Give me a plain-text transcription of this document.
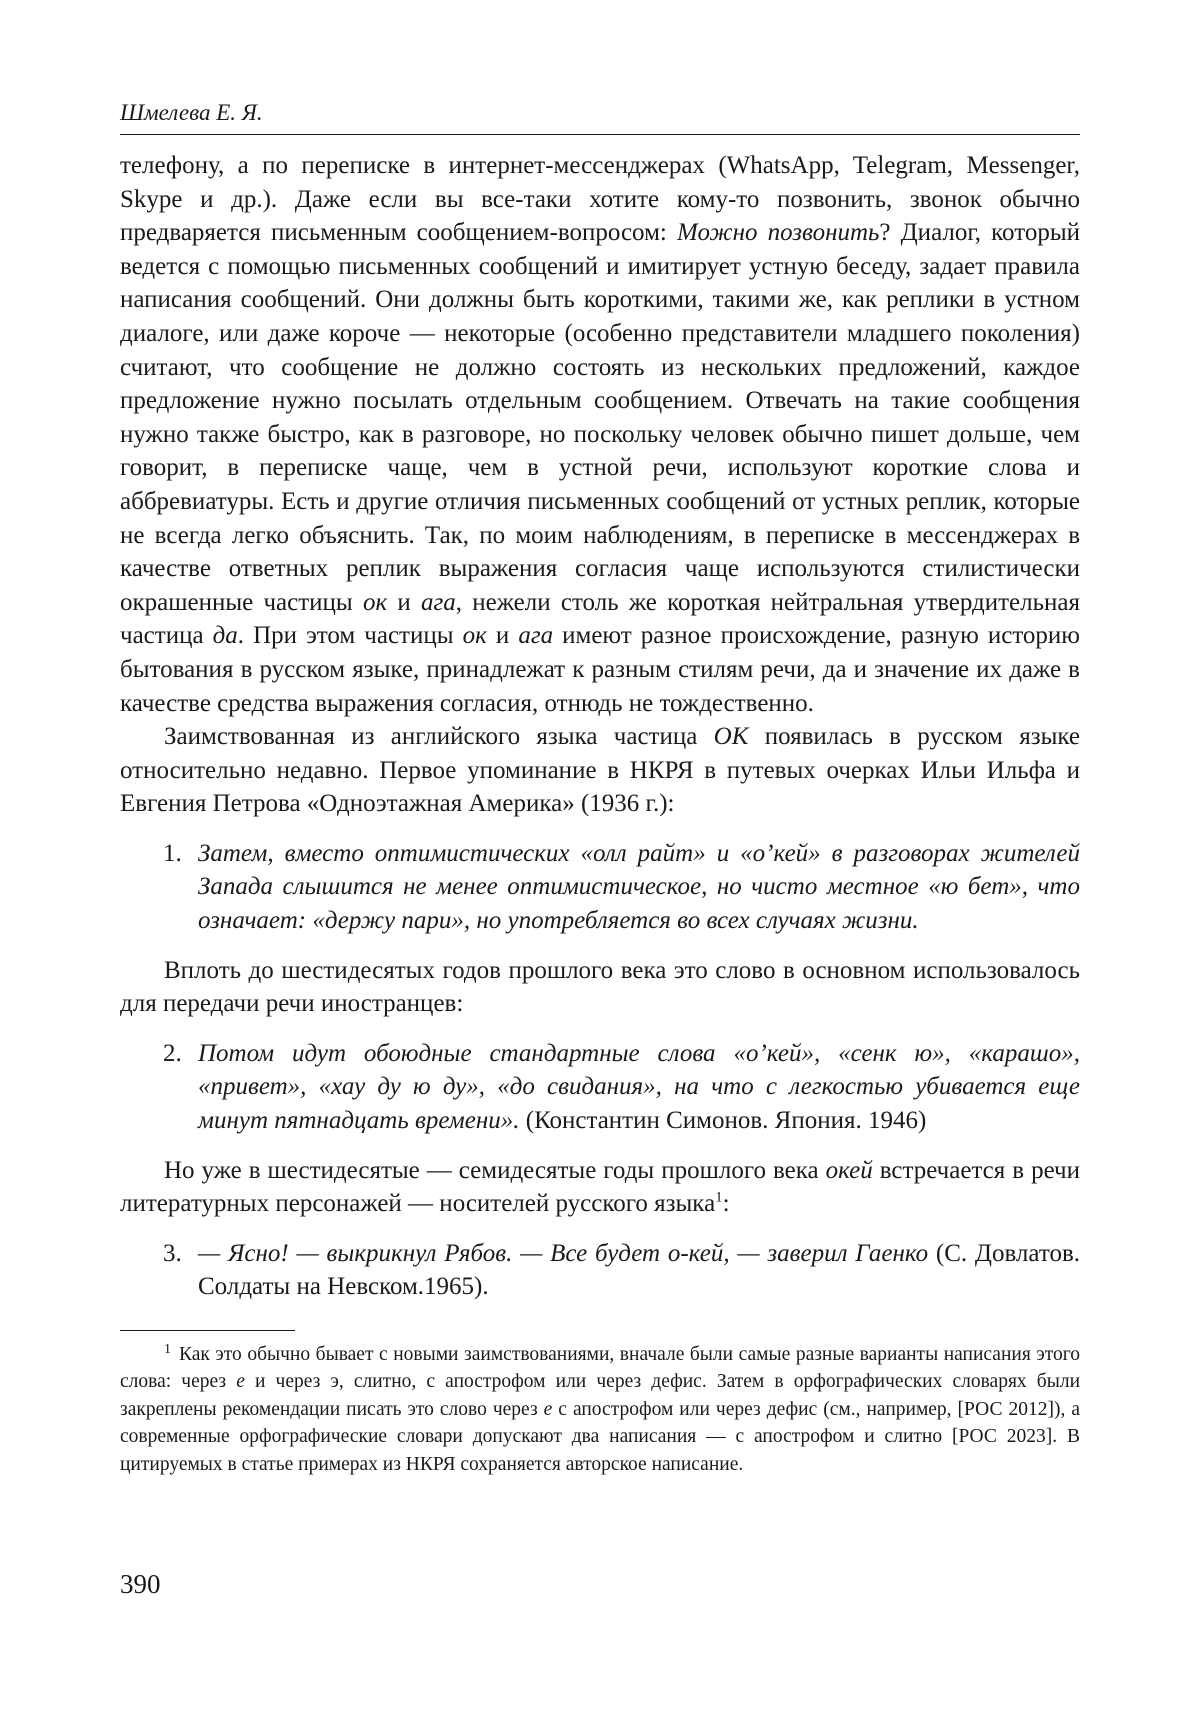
Шмелева Е. Я.

телефону, а по переписке в интернет-мессенджерах (WhatsApp, Telegram, Messenger, Skype и др.). Даже если вы все-таки хотите кому-то позвонить, звонок обычно предваряется письменным сообщением-вопросом: Можно позвонить? Диалог, который ведется с помощью письменных сообщений и имитирует устную беседу, задает правила написания сообщений. Они должны быть короткими, такими же, как реплики в устном диалоге, или даже короче — некоторые (особенно представители младшего поколения) считают, что сообщение не должно состоять из нескольких предложений, каждое предложение нужно посылать отдельным сообщением. Отвечать на такие сообщения нужно также быстро, как в разговоре, но поскольку человек обычно пишет дольше, чем говорит, в переписке чаще, чем в устной речи, используют короткие слова и аббревиатуры. Есть и другие отличия письменных сообщений от устных реплик, которые не всегда легко объяснить. Так, по моим наблюдениям, в переписке в мессенджерах в качестве ответных реплик выражения согласия чаще используются стилистически окрашенные частицы ок и ага, нежели столь же короткая нейтральная утвердительная частица да. При этом частицы ок и ага имеют разное происхождение, разную историю бытования в русском языке, принадлежат к разным стилям речи, да и значение их даже в качестве средства выражения согласия, отнюдь не тождественно.

Заимствованная из английского языка частица OK появилась в русском языке относительно недавно. Первое упоминание в НКРЯ в путевых очерках Ильи Ильфа и Евгения Петрова «Одноэтажная Америка» (1936 г.):

1. Затем, вместо оптимистических «олл райт» и «о’кей» в разговорах жителей Запада слышится не менее оптимистическое, но чисто местное «ю бет», что означает: «держу пари», но употребляется во всех случаях жизни.

Вплоть до шестидесятых годов прошлого века это слово в основном использовалось для передачи речи иностранцев:

2. Потом идут обоюдные стандартные слова «о’кей», «сенк ю», «карашо», «привет», «хау ду ю ду», «до свидания», на что с легкостью убивается еще минут пятнадцать времени». (Константин Симонов. Япония. 1946)

Но уже в шестидесятые — семидесятые годы прошлого века окей встречается в речи литературных персонажей — носителей русского языка$^1$:

3. — Ясно! — выкрикнул Рябов. — Все будет о-кей, — заверил Гаенко (С. Довлатов. Солдаты на Невском.1965).

$^1$ Как это обычно бывает с новыми заимствованиями, вначале были самые разные варианты написания этого слова: через е и через э, слитно, с апострофом или через дефис. Затем в орфографических словарях были закреплены рекомендации писать это слово через е с апострофом или через дефис (см., например, [РОС 2012]), а современные орфографические словари допускают два написания — с апострофом и слитно [РОС 2023]. В цитируемых в статье примерах из НКРЯ сохраняется авторское написание.

390
